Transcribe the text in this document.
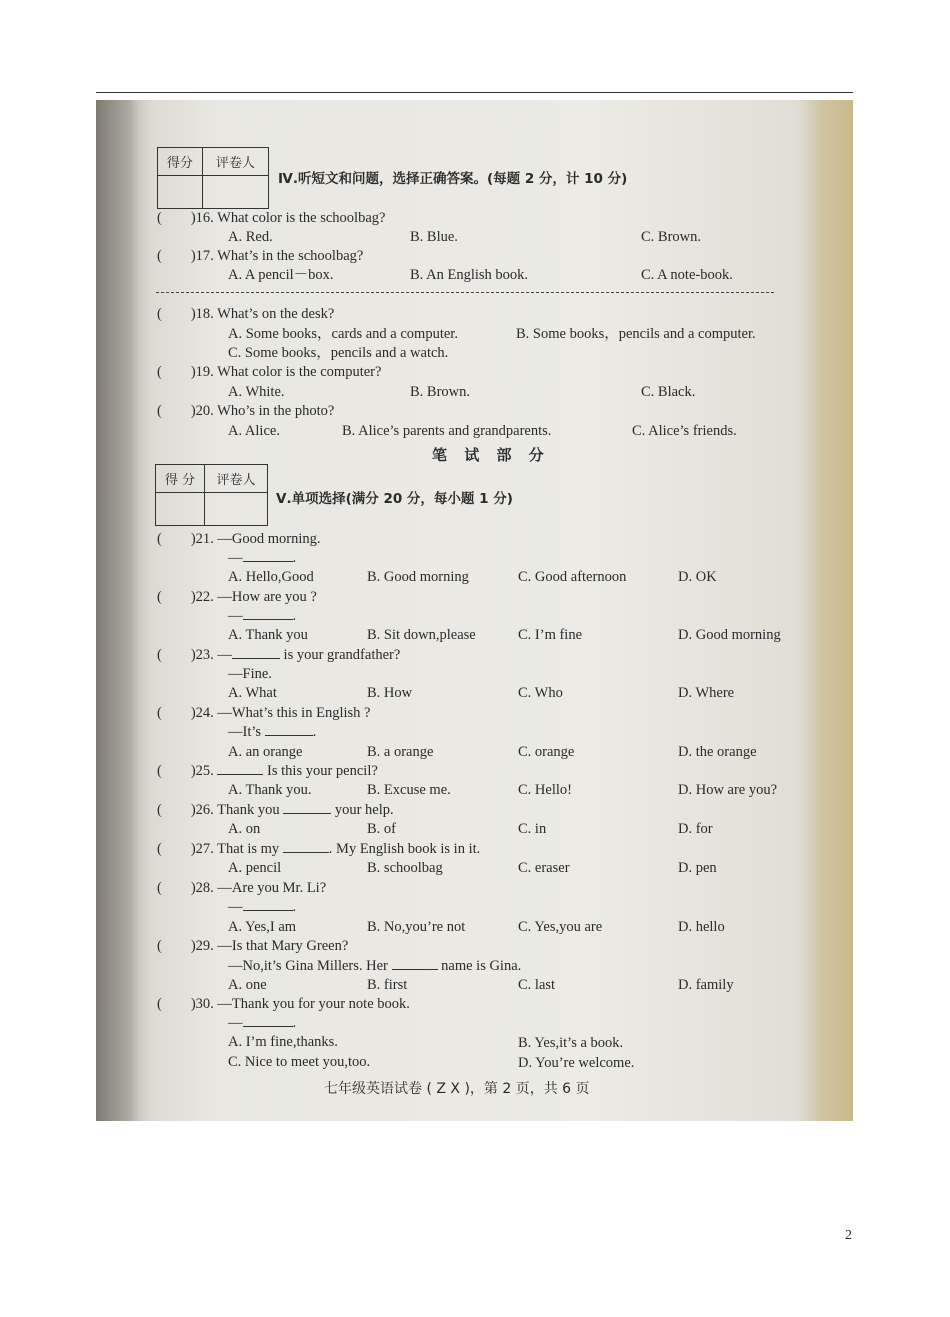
得分	评卷人

Ⅳ.听短文和问题，选择正确答案。(每题 2 分，计 10 分)
(　　)16. What color is the schoolbag?
A. Red.	B. Blue.	C. Brown.
(　　)17. What’s in the schoolbag?
A. A pencil－box.	B. An English book.	C. A note-book.
(　　)18. What’s on the desk?
A. Some books，cards and a computer.	B. Some books，pencils and a computer.
C. Some books，pencils and a watch.
(　　)19. What color is the computer?
A. White.	B. Brown.	C. Black.
(　　)20. Who’s in the photo?
A. Alice.	B. Alice’s parents and grandparents.	C. Alice’s friends.
笔 试 部 分
得 分	评卷人

Ⅴ.单项选择(满分 20 分，每小题 1 分)
(　　)21. —Good morning.
—	.
A. Hello,Good	B. Good morning	C. Good afternoon	D. OK
(　　)22. —How are you ?
—	.
A. Thank you	B. Sit down,please	C. I’m fine	D. Good morning
(　　)23. —	is your grandfather?
—Fine.
A. What	B. How	C. Who	D. Where
(　　)24. —What’s this in English ?
—It’s	.
A. an orange	B. a orange	C. orange	D. the orange
(　　)25.	Is this your pencil?
A. Thank you.	B. Excuse me.	C. Hello!	D. How are you?
(　　)26. Thank you	your help.
A. on	B. of	C. in	D. for
(　　)27. That is my	. My English book is in it.
A. pencil	B. schoolbag	C. eraser	D. pen
(　　)28. —Are you Mr. Li?
—	.
A. Yes,I am	B. No,you’re not	C. Yes,you are	D. hello
(　　)29. —Is that Mary Green?
—No,it’s Gina Millers. Her	name is Gina.
A. one	B. first	C. last	D. family
(　　)30. —Thank you for your note book.
—	.
A. I’m fine,thanks.	B. Yes,it’s a book.
C. Nice to meet you,too.	D. You’re welcome.
七年级英语试卷 ( Z X )，第 2 页，共 6 页
2
